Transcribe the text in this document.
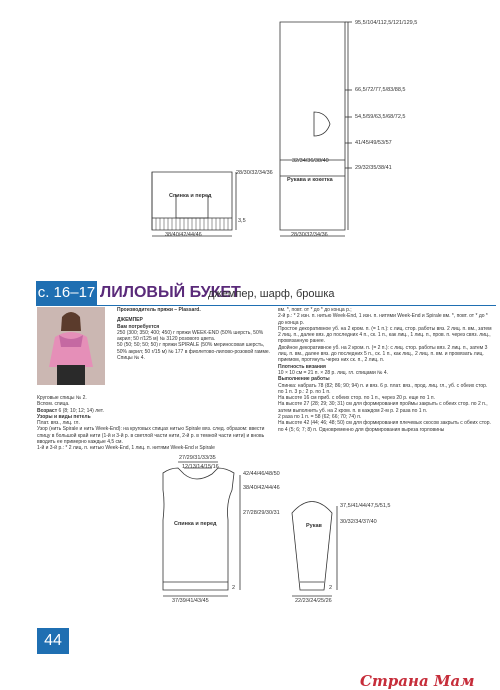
Спинка и перед
38/40/42/44/46
28/30/32/34/36
3,5
Рукава и кокетка
28/30/32/34/36
32/34/36/38/40
95,5/104/112,5/121/129,5
66,5/72/77,5/83/88,5
54,5/59/63,5/68/72,5
41/45/49/53/57
29/32/35/38/41
с. 16–17 ЛИЛОВЫЙ БУКЕТ
джемпер, шарф, брошка
Производитель пряжи – Plassard.
ДЖЕМПЕР
Вам потребуется
250 (300; 350; 400; 450) г пряжи WEEK-END (50% шерсть, 50% акрил; 50 г/125 м) № 3120 розового цвета.
50 (50; 50; 50; 50) г пряжи SPIRALE (50% мериносовая шерсть, 50% акрил; 50 г/15 м) № 177 в фиолетово-лилово-розовой гамме.
Спицы № 4.
Круговые спицы № 2.
Вспом. спица.
Возраст 6 (8; 10; 12; 14) лет.
Узоры и виды петель
Плат. вяз., лиц. гл.
Узор (нить Spirale и нить Week-End): на круговых спицах нитью Spirale вяз. след. образом: ввести спицу в большой край нити (1-й и 3-й р. в светлой части нити, 2-й р. в темной части нити) и вновь вводить ее примерно каждые 4,5 см.
1-й и 3-й р.: * 2 лиц. п. нитью Week-End, 1 лиц. п. нитями Week-End и Spirale
вм. *, повт. от * до * до конца р.;
2-й р.: * 2 изн. п. нитью Week-End, 1 изн. п. нитями Week-End и Spirale вм. *, повт. от * до * до конца р.
Простое декоративное уб. на 2 кром. п. (= 1 п.): с лиц. стор. работы вяз. 2 лиц. п. вм., затем 2 лиц. п., далее вяз. до последних 4 п., ск. 1 п., как лиц., 1 лиц. п., пров. п. через связ. лиц., провязанную ранее.
Двойное декоративное уб. на 2 кром. п. (= 2 п.): с лиц. стор. работы вяз. 2 лиц. п., затем 3 лиц. п. вм., далее вяз. до последних 5 п., ск. 1 п., как лиц., 2 лиц. п. вм. и провязать лиц. приемом, протянуть через них ск. п., 2 лиц. п.
Плотность вязания
10 × 10 см = 21 п. × 28 р. лиц. гл. спицами № 4.
Выполнение работы
Спинка: набрать 78 (82; 86; 90; 94) п. и вяз. 6 р. плат. вяз., прод. лиц. гл., уб. с обеих стор. по 1 п. 3 р.: 2 р. по 1 п.
На высоте 16 см приб. с обеих стор. по 1 п., через 20 р. еще по 1 п.
На высоте 27 (28; 29; 30; 31) см для формирования проймы закрыть с обеих стор. по 2 п., затем выполнить уб. на 2 кром. п. в каждом 2-м р. 2 раза по 1 п.
2 раза по 1 п. = 58 (62; 66; 70; 74) п.
На высоте 42 (44; 46; 48; 50) см для формирования плечевых скосов закрыть с обеих стор. по 4 (5; 6; 7; 8) п. Одновременно для формирования выреза горловины
27/29/31/33/35
12/13/14/15/16
42/44/46/48/50
38/40/42/44/46
27/28/29/30/31
Спинка и перед
37/39/41/43/45
2
37,5/41/44/47,5/51,5
30/32/34/37/40
Рукав
22/23/24/25/26
2
44
Страна Мам
